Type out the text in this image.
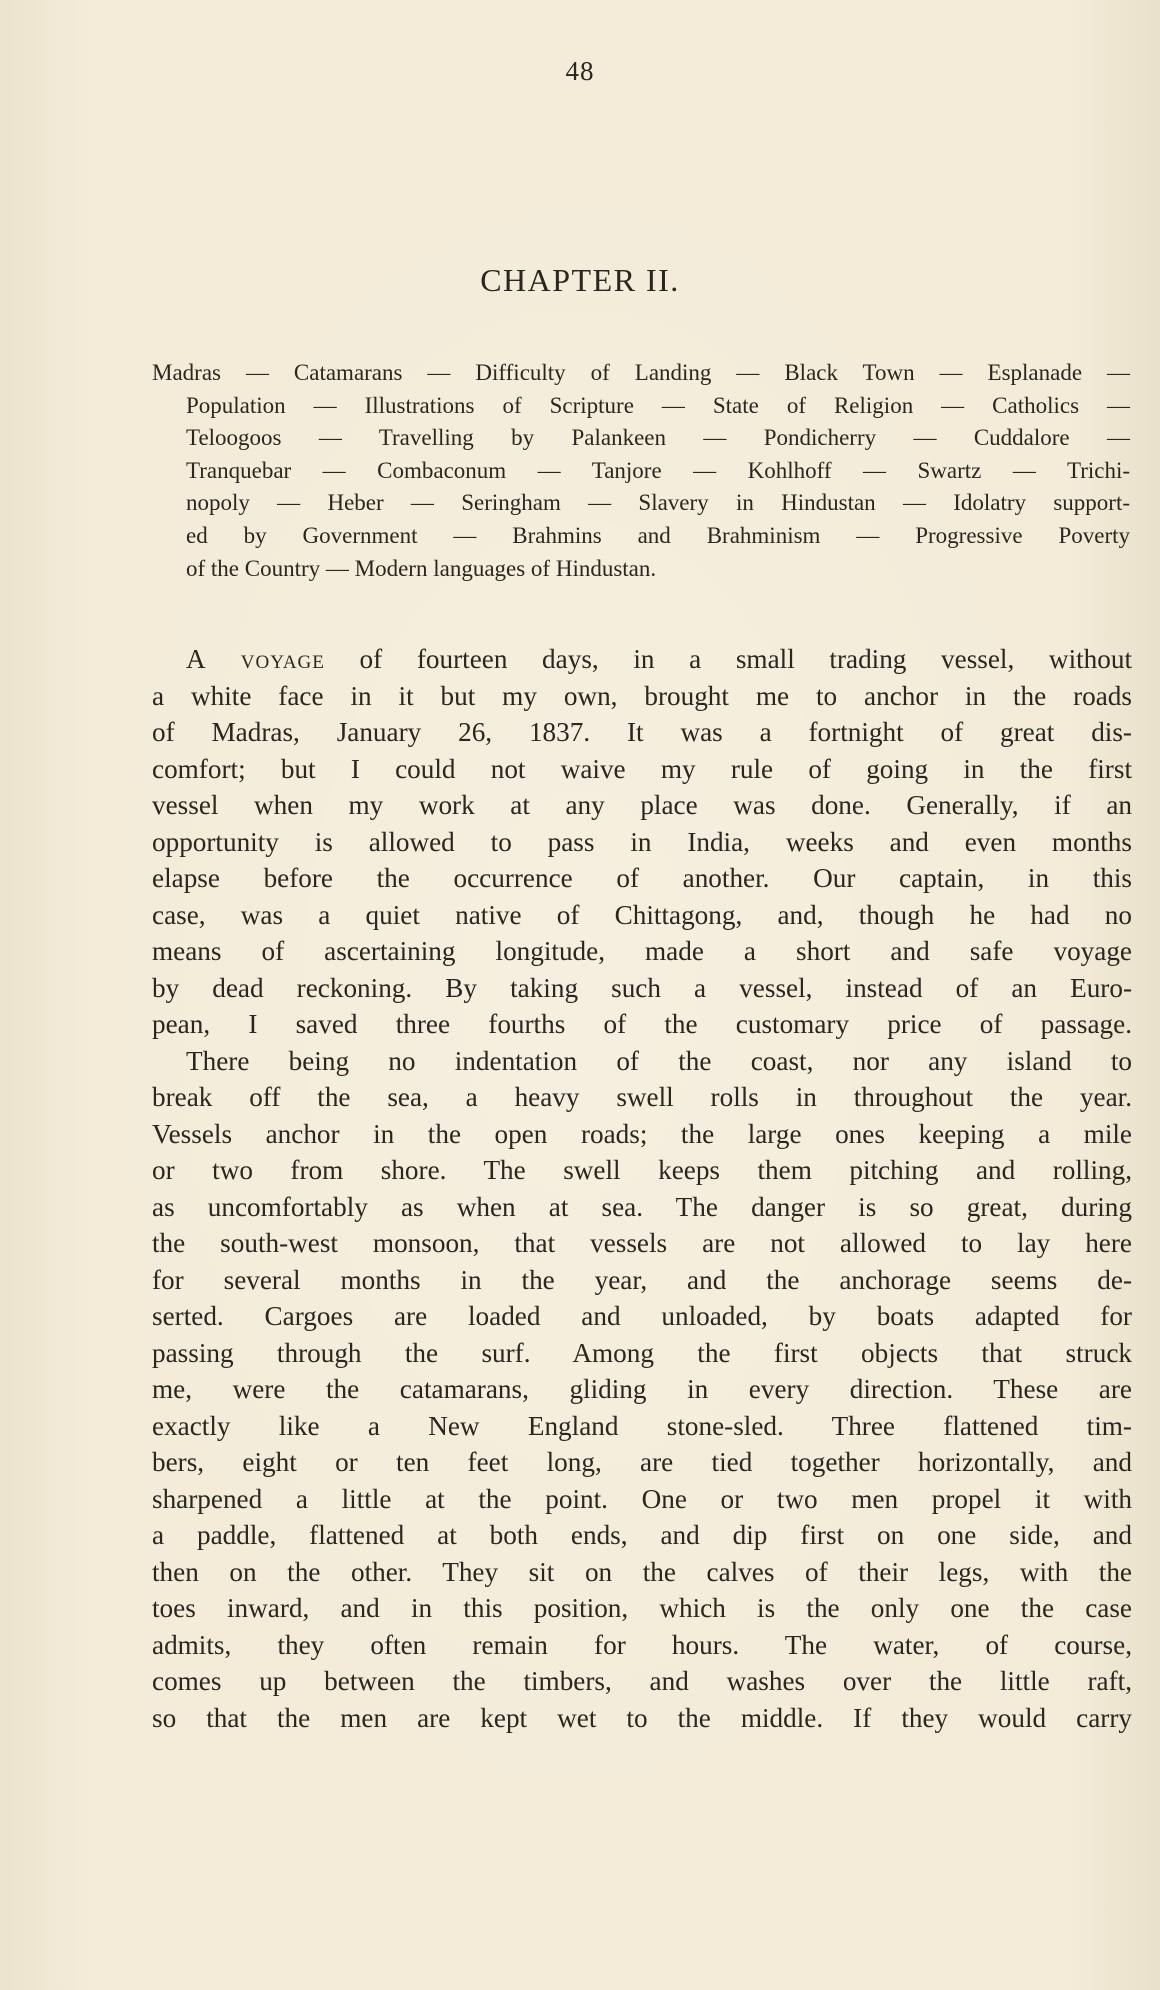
48
CHAPTER II.
Madras — Catamarans — Difficulty of Landing — Black Town — Esplanade —
Population — Illustrations of Scripture — State of Religion — Catholics —
Teloogoos — Travelling by Palankeen — Pondicherry — Cuddalore —
Tranquebar — Combaconum — Tanjore — Kohlhoff — Swartz — Trichi-
nopoly — Heber — Seringham — Slavery in Hindustan — Idolatry support-
ed by Government — Brahmins and Brahminism — Progressive Poverty
of the Country — Modern languages of Hindustan.
A voyage of fourteen days, in a small trading vessel, without
a white face in it but my own, brought me to anchor in the roads
of Madras, January 26, 1837. It was a fortnight of great dis-
comfort; but I could not waive my rule of going in the first
vessel when my work at any place was done. Generally, if an
opportunity is allowed to pass in India, weeks and even months
elapse before the occurrence of another. Our captain, in this
case, was a quiet native of Chittagong, and, though he had no
means of ascertaining longitude, made a short and safe voyage
by dead reckoning. By taking such a vessel, instead of an Euro-
pean, I saved three fourths of the customary price of passage.
There being no indentation of the coast, nor any island to
break off the sea, a heavy swell rolls in throughout the year.
Vessels anchor in the open roads; the large ones keeping a mile
or two from shore. The swell keeps them pitching and rolling,
as uncomfortably as when at sea. The danger is so great, during
the south-west monsoon, that vessels are not allowed to lay here
for several months in the year, and the anchorage seems de-
serted. Cargoes are loaded and unloaded, by boats adapted for
passing through the surf. Among the first objects that struck
me, were the catamarans, gliding in every direction. These are
exactly like a New England stone-sled. Three flattened tim-
bers, eight or ten feet long, are tied together horizontally, and
sharpened a little at the point. One or two men propel it with
a paddle, flattened at both ends, and dip first on one side, and
then on the other. They sit on the calves of their legs, with the
toes inward, and in this position, which is the only one the case
admits, they often remain for hours. The water, of course,
comes up between the timbers, and washes over the little raft,
so that the men are kept wet to the middle. If they would carry
